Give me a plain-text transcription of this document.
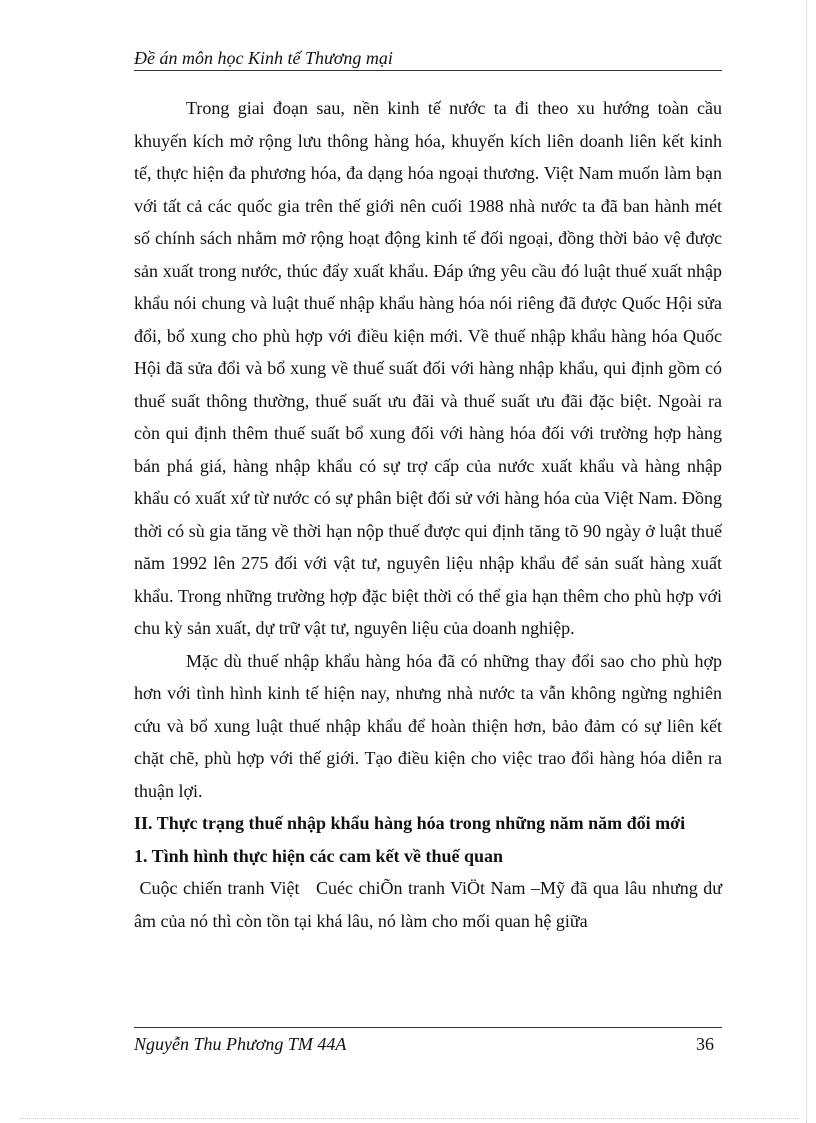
Đề án môn học Kinh tế Thương mại

Trong giai đoạn sau, nền kinh tế nước ta đi theo xu hướng toàn cầu khuyến kích mở rộng lưu thông hàng hóa, khuyến kích liên doanh liên kết kinh tế, thực hiện đa phương hóa, đa dạng hóa ngoại thương. Việt Nam muốn làm bạn với tất cả các quốc gia trên thế giới nên cuối 1988 nhà nước ta đã ban hành mét số chính sách nhằm mở rộng hoạt động kinh tế đối ngoại, đồng thời bảo vệ được sản xuất trong nước, thúc đẩy xuất khẩu. Đáp ứng yêu cầu đó luật thuế xuất nhập khẩu nói chung và luật thuế nhập khẩu hàng hóa nói riêng đã được Quốc Hội sửa đổi, bổ xung cho phù hợp với điều kiện mới. Về thuế nhập khẩu hàng hóa Quốc Hội đã sửa đổi và bổ xung về thuế suất đối với hàng nhập khẩu, qui định gồm có thuế suất thông thường, thuế suất ưu đãi và thuế suất ưu đãi đặc biệt. Ngoài ra còn qui định thêm thuế suất bổ xung đối với hàng hóa đối với trường hợp hàng bán phá giá, hàng nhập khẩu có sự trợ cấp của nước xuất khẩu và hàng nhập khẩu có xuất xứ từ nước có sự phân biệt đối sử với hàng hóa của Việt Nam. Đồng thời có sù gia tăng về thời hạn nộp thuế được qui định tăng tõ 90 ngày ở luật thuế năm 1992 lên 275 đối với vật tư, nguyên liệu nhập khẩu để sản suất hàng xuất khẩu. Trong những trường hợp đặc biệt thời có thể gia hạn thêm cho phù hợp với chu kỳ sản xuất, dự trữ vật tư, nguyên liệu của doanh nghiệp.

Mặc dù thuế nhập khẩu hàng hóa đã có những thay đổi sao cho phù hợp hơn với tình hình kinh tế hiện nay, nhưng nhà nước ta vẫn không ngừng nghiên cứu và bổ xung luật thuế nhập khẩu để hoàn thiện hơn, bảo đảm có sự liên kết chặt chẽ, phù hợp với thế giới. Tạo điều kiện cho việc trao đổi hàng hóa diễn ra thuận lợi.

II. Thực trạng thuế nhập khẩu hàng hóa trong những năm năm đổi mới

1. Tình hình thực hiện các cam kết về thuế quan

Cuộc chiến tranh Việt   Cuéc chiÕn tranh ViÖt Nam –Mỹ đã qua lâu nhưng dư âm của nó thì còn tồn tại khá lâu, nó làm cho mối quan hệ giữa

Nguyễn Thu Phương TM 44A	36
